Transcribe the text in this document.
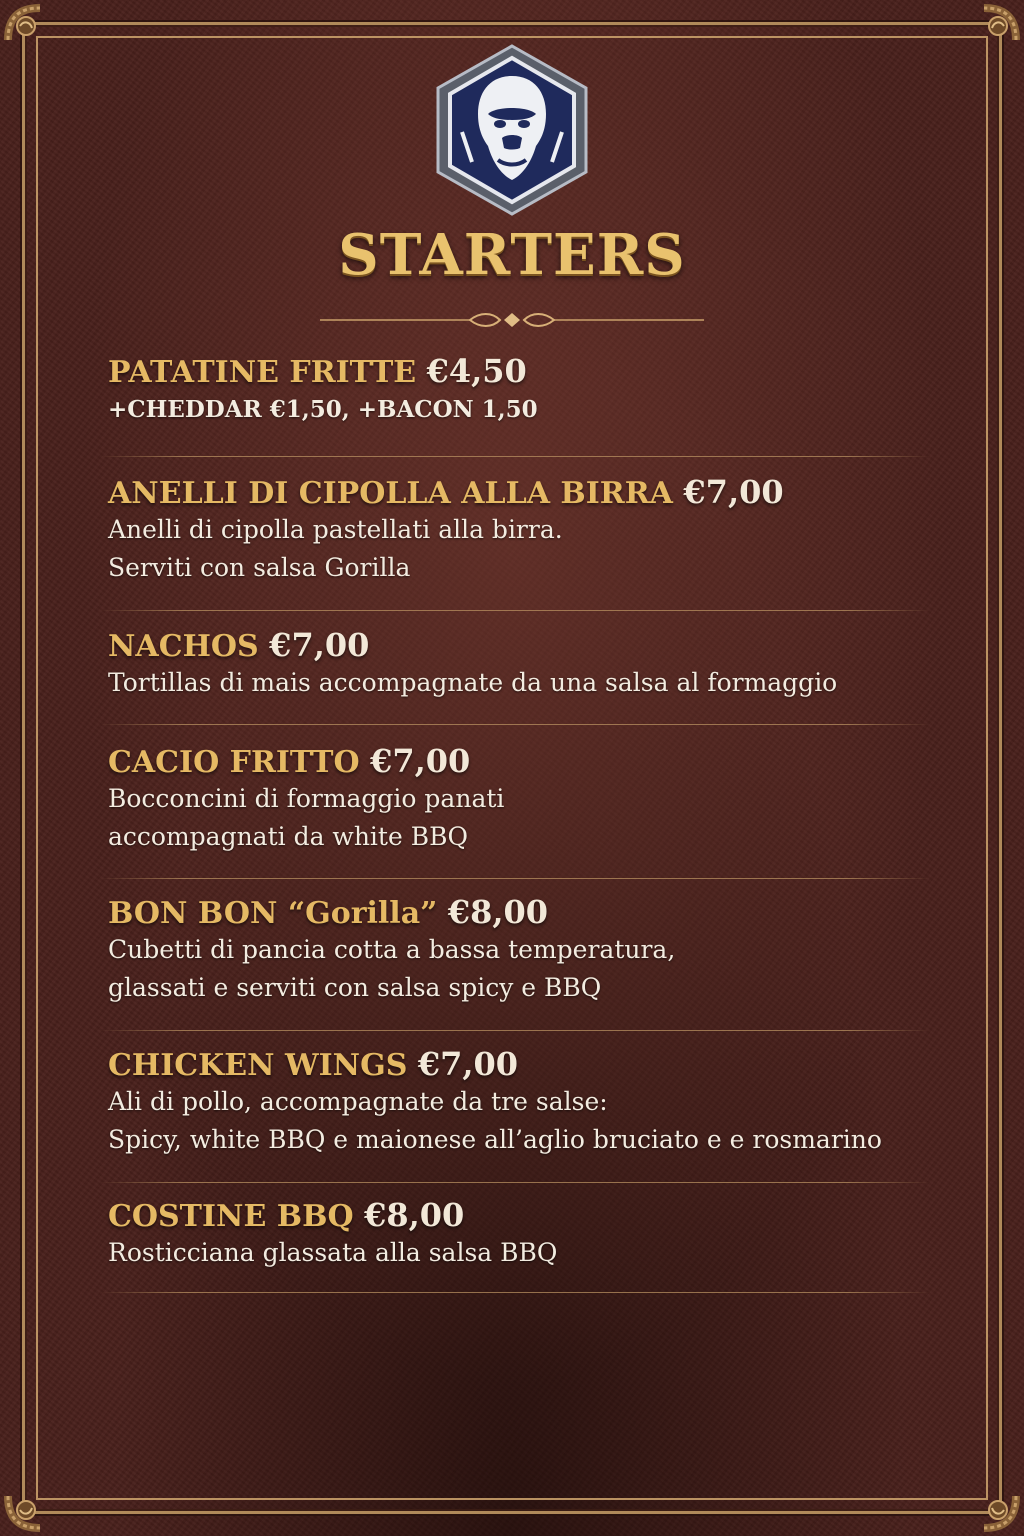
STARTERS
PATATINE FRITTE €4,50
+CHEDDAR €1,50, +BACON 1,50
ANELLI DI CIPOLLA ALLA BIRRA €7,00
Anelli di cipolla pastellati alla birra.
Serviti con salsa Gorilla
NACHOS €7,00
Tortillas di mais accompagnate da una salsa al formaggio
CACIO FRITTO €7,00
Bocconcini di formaggio panati
accompagnati da white BBQ
BON BON “Gorilla” €8,00
Cubetti di pancia cotta a bassa temperatura,
glassati e serviti con salsa spicy e BBQ
CHICKEN WINGS €7,00
Ali di pollo, accompagnate da tre salse:
Spicy, white BBQ e maionese all’aglio bruciato e e rosmarino
COSTINE BBQ €8,00
Rosticciana glassata alla salsa BBQ
